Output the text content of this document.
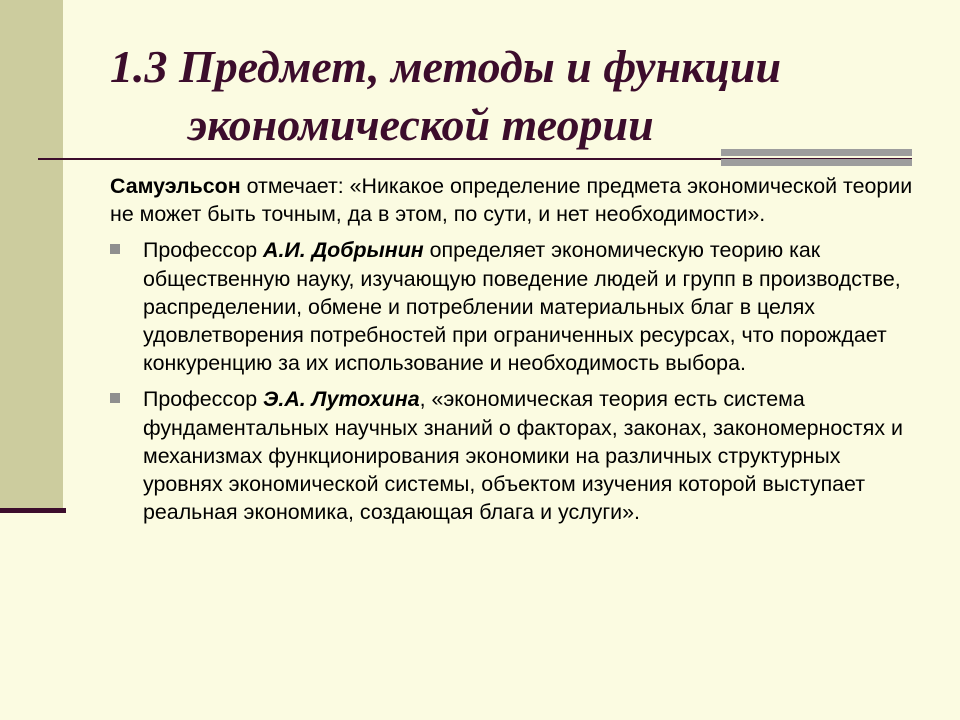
1.3 Предмет, методы и функции
экономической теории
Самуэльсон отмечает: «Никакое определение предмета экономической теории не может быть точным, да в этом, по сути, и нет необходимости».
Профессор А.И. Добрынин определяет экономическую теорию как общественную науку, изучающую поведение людей и групп в производстве, распределении, обмене и потреблении материальных благ в целях удовлетворения потребностей при ограниченных ресурсах, что порождает конкуренцию за их использование и необходимость выбора.
Профессор Э.А. Лутохина, «экономическая теория есть система фундаментальных научных знаний о факторах, законах, закономерностях и механизмах функционирования экономики на различных структурных уровнях экономической системы, объектом изучения которой выступает реальная экономика, создающая блага и услуги».
